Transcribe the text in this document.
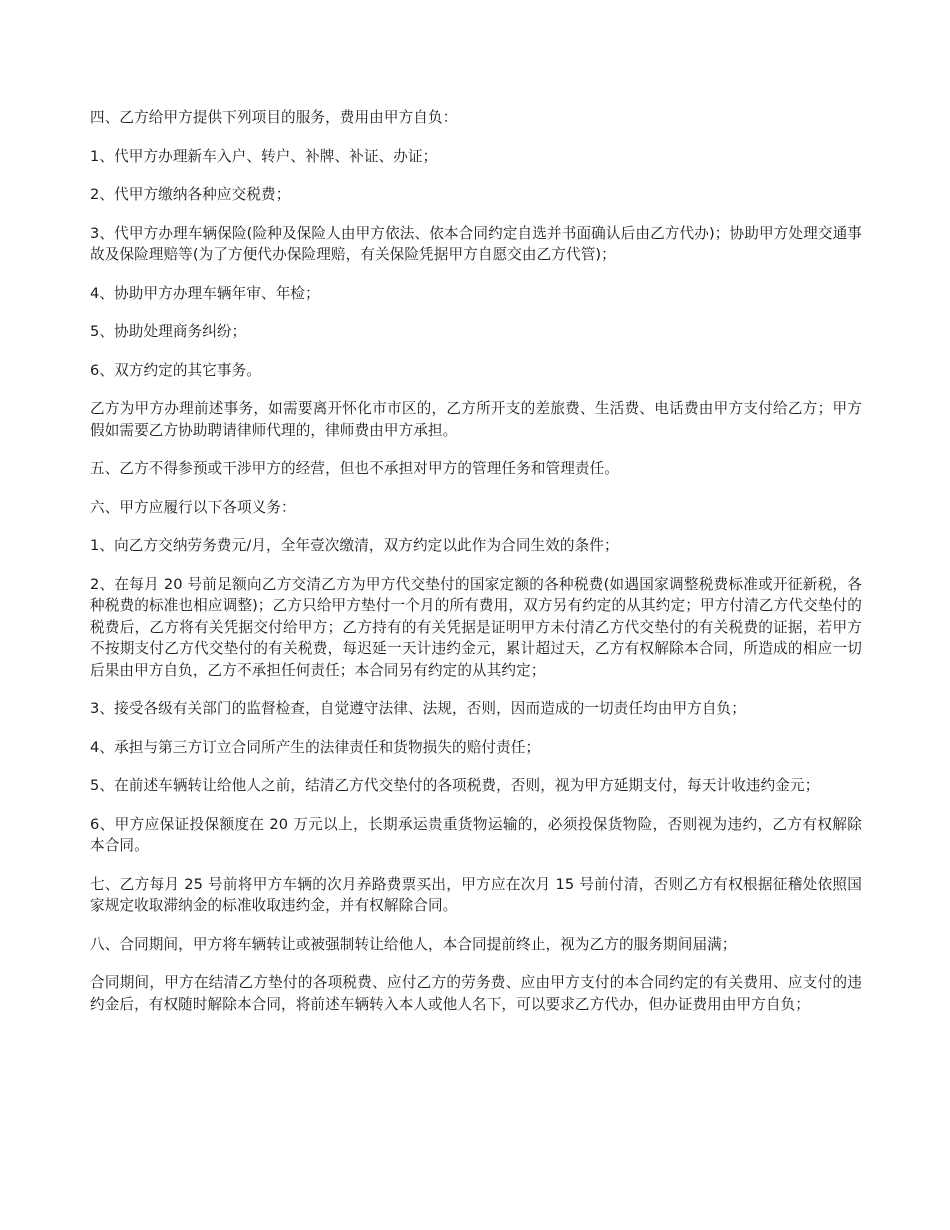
四、乙方给甲方提供下列项目的服务，费用由甲方自负：

1、代甲方办理新车入户、转户、补牌、补证、办证；

2、代甲方缴纳各种应交税费；

3、代甲方办理车辆保险(险种及保险人由甲方依法、依本合同约定自选并书面确认后由乙方代办)；协助甲方处理交通事故及保险理赔等(为了方便代办保险理赔，有关保险凭据甲方自愿交由乙方代管)；

4、协助甲方办理车辆年审、年检；

5、协助处理商务纠纷；

6、双方约定的其它事务。

乙方为甲方办理前述事务，如需要离开怀化市市区的，乙方所开支的差旅费、生活费、电话费由甲方支付给乙方；甲方假如需要乙方协助聘请律师代理的，律师费由甲方承担。

五、乙方不得参预或干涉甲方的经营，但也不承担对甲方的管理任务和管理责任。

六、甲方应履行以下各项义务：

1、向乙方交纳劳务费元/月，全年壹次缴清，双方约定以此作为合同生效的条件；

2、在每月 20 号前足额向乙方交清乙方为甲方代交垫付的国家定额的各种税费(如遇国家调整税费标准或开征新税，各种税费的标准也相应调整)；乙方只给甲方垫付一个月的所有费用，双方另有约定的从其约定；甲方付清乙方代交垫付的税费后，乙方将有关凭据交付给甲方；乙方持有的有关凭据是证明甲方未付清乙方代交垫付的有关税费的证据，若甲方不按期支付乙方代交垫付的有关税费，每迟延一天计违约金元，累计超过天，乙方有权解除本合同，所造成的相应一切后果由甲方自负，乙方不承担任何责任；本合同另有约定的从其约定；

3、接受各级有关部门的监督检查，自觉遵守法律、法规，否则，因而造成的一切责任均由甲方自负；

4、承担与第三方订立合同所产生的法律责任和货物损失的赔付责任；

5、在前述车辆转让给他人之前，结清乙方代交垫付的各项税费，否则，视为甲方延期支付，每天计收违约金元；

6、甲方应保证投保额度在 20 万元以上，长期承运贵重货物运输的，必须投保货物险，否则视为违约，乙方有权解除本合同。

七、乙方每月 25 号前将甲方车辆的次月养路费票买出，甲方应在次月 15 号前付清，否则乙方有权根据征稽处依照国家规定收取滞纳金的标准收取违约金，并有权解除合同。

八、合同期间，甲方将车辆转让或被强制转让给他人，本合同提前终止，视为乙方的服务期间届满；

合同期间，甲方在结清乙方垫付的各项税费、应付乙方的劳务费、应由甲方支付的本合同约定的有关费用、应支付的违约金后，有权随时解除本合同，将前述车辆转入本人或他人名下，可以要求乙方代办，但办证费用由甲方自负；
